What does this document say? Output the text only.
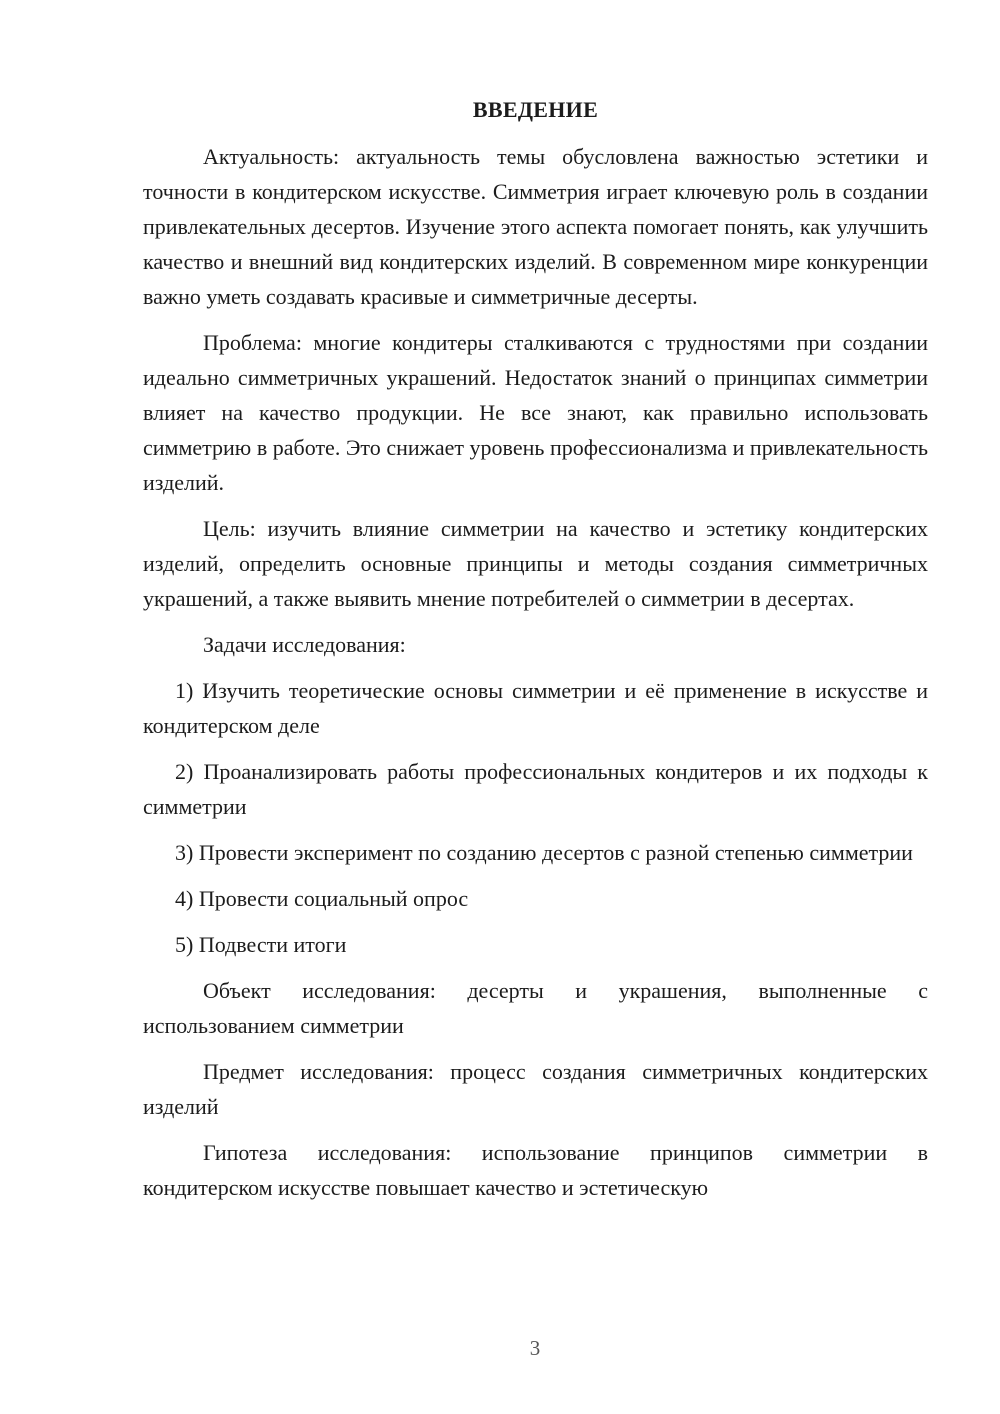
ВВЕДЕНИЕ

Актуальность: актуальность темы обусловлена важностью эстетики и точности в кондитерском искусстве. Симметрия играет ключевую роль в создании привлекательных десертов. Изучение этого аспекта помогает понять, как улучшить качество и внешний вид кондитерских изделий. В современном мире конкуренции важно уметь создавать красивые и симметричные десерты.

Проблема: многие кондитеры сталкиваются с трудностями при создании идеально симметричных украшений. Недостаток знаний о принципах симметрии влияет на качество продукции. Не все знают, как правильно использовать симметрию в работе. Это снижает уровень профессионализма и привлекательность изделий.

Цель: изучить влияние симметрии на качество и эстетику кондитерских изделий, определить основные принципы и методы создания симметричных украшений, а также выявить мнение потребителей о симметрии в десертах.

Задачи исследования:

1) Изучить теоретические основы симметрии и её применение в искусстве и кондитерском деле

2) Проанализировать работы профессиональных кондитеров и их подходы к симметрии

3) Провести эксперимент по созданию десертов с разной степенью симметрии

4) Провести социальный опрос

5) Подвести итоги

Объект исследования: десерты и украшения, выполненные с использованием симметрии

Предмет исследования: процесс создания симметричных кондитерских изделий

Гипотеза исследования: использование принципов симметрии в кондитерском искусстве повышает качество и эстетическую

3
